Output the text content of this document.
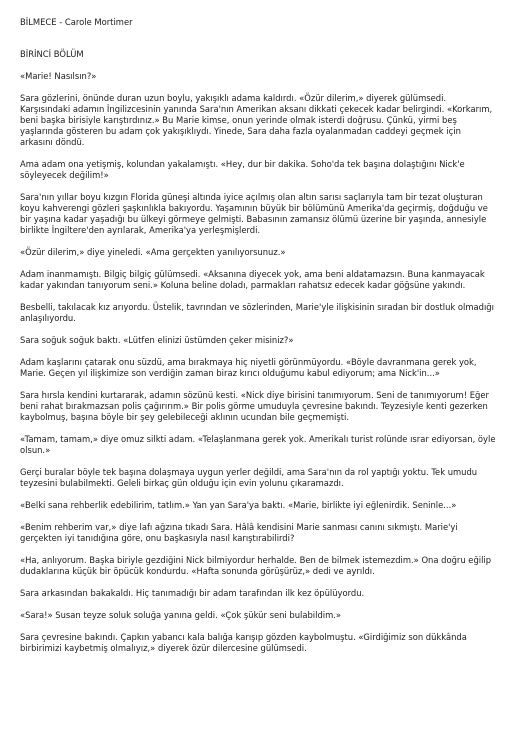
BİLMECE - Carole Mortimer
BİRİNCİ BÖLÜM

«Marie! Nasılsın?»

Sara gözlerini, önünde duran uzun boylu, yakışıklı adama kaldırdı. «Özür dilerim,» diyerek gülümsedi. Karşısındaki adamın İngilizcesinin yanında Sara'nın Amerikan aksanı dikkati çekecek kadar belirgindi. «Korkarım, beni başka birisiyle karıştırdınız.» Bu Marie kimse, onun yerinde olmak isterdi doğrusu. Çünkü, yirmi beş yaşlarında gösteren bu adam çok yakışıklıydı. Yinede, Sara daha fazla oyalanmadan caddeyi geçmek için arkasını döndü.

Ama adam ona yetişmiş, kolundan yakalamıştı. «Hey, dur bir dakika. Soho'da tek başına dolaştığını Nick'e söyleyecek değilim!»

Sara'nın yıllar boyu kızgın Florida güneşi altında iyice açılmış olan altın sarısı saçlarıyla tam bir tezat oluşturan koyu kahverengi gözleri şaşkınlıkla bakıyordu. Yaşamının büyük bir bölümünü Amerika'da geçirmiş, doğduğu ve bir yaşına kadar yaşadığı bu ülkeyi görmeye gelmişti. Babasının zamansız ölümü üzerine bir yaşında, annesiyle birlikte İngiltere'den ayrılarak, Amerika'ya yerleşmişlerdi.

«Özür dilerim,» diye yineledi. «Ama gerçekten yanılıyorsunuz.»

Adam inanmamıştı. Bilgiç bilgiç gülümsedi. «Aksanına diyecek yok, ama beni aldatamazsın. Buna kanmayacak kadar yakından tanıyorum seni.» Koluna beline doladı, parmakları rahatsız edecek kadar göğsüne yakındı.

Besbelli, takılacak kız arıyordu. Üstelik, tavrından ve sözlerinden, Marie'yle ilişkisinin sıradan bir dostluk olmadığı anlaşılıyordu.

Sara soğuk soğuk baktı. «Lütfen elinizi üstümden çeker misiniz?»

Adam kaşlarını çatarak onu süzdü, ama bırakmaya hiç niyetli görünmüyordu. «Böyle davranmana gerek yok, Marie. Geçen yıl ilişkimize son verdiğin zaman biraz kırıcı olduğumu kabul ediyorum; ama Nick'in...»

Sara hırsla kendini kurtararak, adamın sözünü kesti. «Nick diye birisini tanımıyorum. Seni de tanımıyorum! Eğer beni rahat bırakmazsan polis çağırırım.» Bir polis görme umuduyla çevresine bakındı. Teyzesiyle kenti gezerken kaybolmuş, başına böyle bir şey gelebileceği aklının ucundan bile geçmemişti.

«Tamam, tamam,» diye omuz silkti adam. «Telaşlanmana gerek yok. Amerikalı turist rolünde ısrar ediyorsan, öyle olsun.»

Gerçi buralar böyle tek başına dolaşmaya uygun yerler değildi, ama Sara'nın da rol yaptığı yoktu. Tek umudu teyzesini bulabilmekti. Geleli birkaç gün olduğu için evin yolunu çıkaramazdı.

«Belki sana rehberlik edebilirim, tatlım.» Yan yan Sara'ya baktı. «Marie, birlikte iyi eğlenirdik. Seninle...»

«Benim rehberim var,» diye lafı ağzına tıkadı Sara. Hâlâ kendisini Marie sanması canını sıkmıştı. Marie'yi gerçekten iyi tanıdığına göre, onu başkasıyla nasıl karıştırabilirdi?

«Ha, anlıyorum. Başka biriyle gezdiğini Nick bilmiyordur herhalde. Ben de bilmek istemezdim.» Ona doğru eğilip dudaklarına küçük bir öpücük kondurdu. «Hafta sonunda görüşürüz,» dedi ve ayrıldı.

Sara arkasından bakakaldı. Hiç tanımadığı bir adam tarafından ilk kez öpülüyordu.

«Sara!» Susan teyze soluk soluğa yanına geldi. «Çok şükür seni bulabildim.»

Sara çevresine bakındı. Çapkın yabancı kala balığa karışıp gözden kaybolmuştu. «Girdiğimiz son dükkânda birbirimizi kaybetmiş olmalıyız,» diyerek özür dilercesine gülümsedi.
